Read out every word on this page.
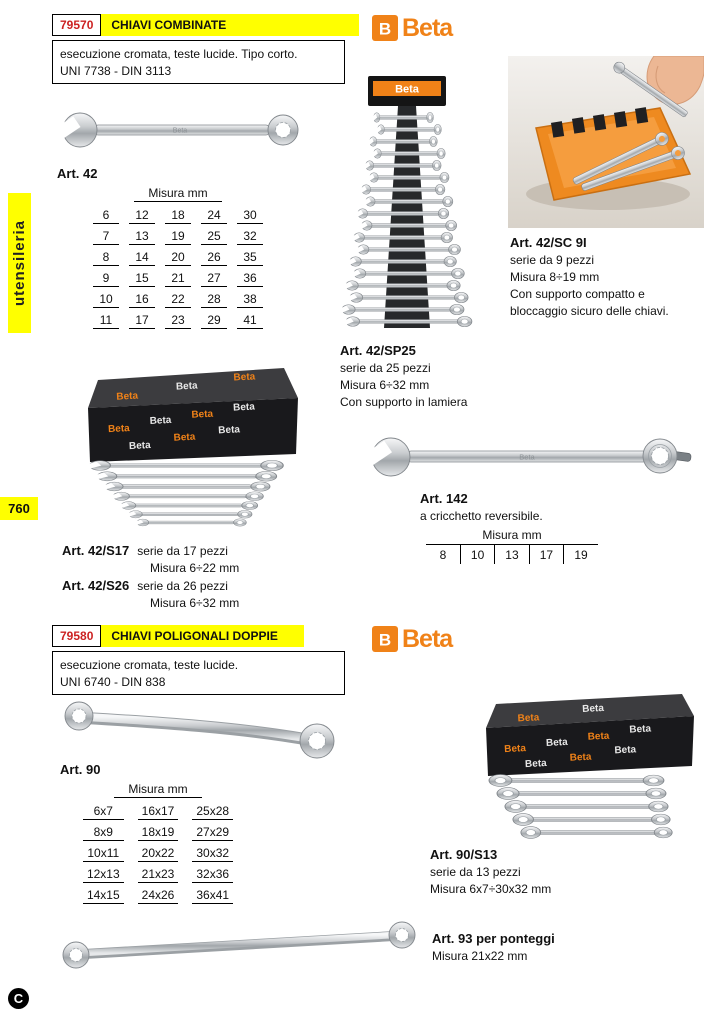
utensileria
760
C
79570	CHIAVI COMBINATE	B Beta
esecuzione cromata, teste lucide. Tipo corto.
UNI 7738 - DIN 3113
Beta
Art. 42
Misura mm
6	12	18	24	30
7	13	19	25	32
8	14	20	26	35
9	15	21	27	36
10	16	22	28	38
11	17	23	29	41
Beta
Art. 42/SP25
serie da 25 pezzi
Misura 6÷32 mm
Con supporto in lamiera
Art. 42/SC 9I
serie da 9 pezzi
Misura 8÷19 mm
Con supporto compatto e
bloccaggio sicuro delle chiavi.
Beta
Beta
Beta
Beta
Beta
Beta
Beta
Beta
Beta
Beta
Art. 42/S17 serie da 17 pezzi
Misura 6÷22 mm
Art. 42/S26 serie da 26 pezzi
Misura 6÷32 mm
Beta
Art. 142
a cricchetto reversibile.
Misura mm
8	10	13	17	19
79580	CHIAVI POLIGONALI DOPPIE	B Beta
esecuzione cromata, teste lucide.
UNI 6740 - DIN 838
Art. 90
Misura mm
6x7	16x17	25x28
8x9	18x19	27x29
10x11	20x22	30x32
12x13	21x23	32x36
14x15	24x26	36x41
Beta
Beta
Beta
Beta
Beta
Beta
Beta
Beta
Beta
Art. 90/S13
serie da 13 pezzi
Misura 6x7÷30x32 mm
Art. 93 per ponteggi
Misura 21x22 mm
